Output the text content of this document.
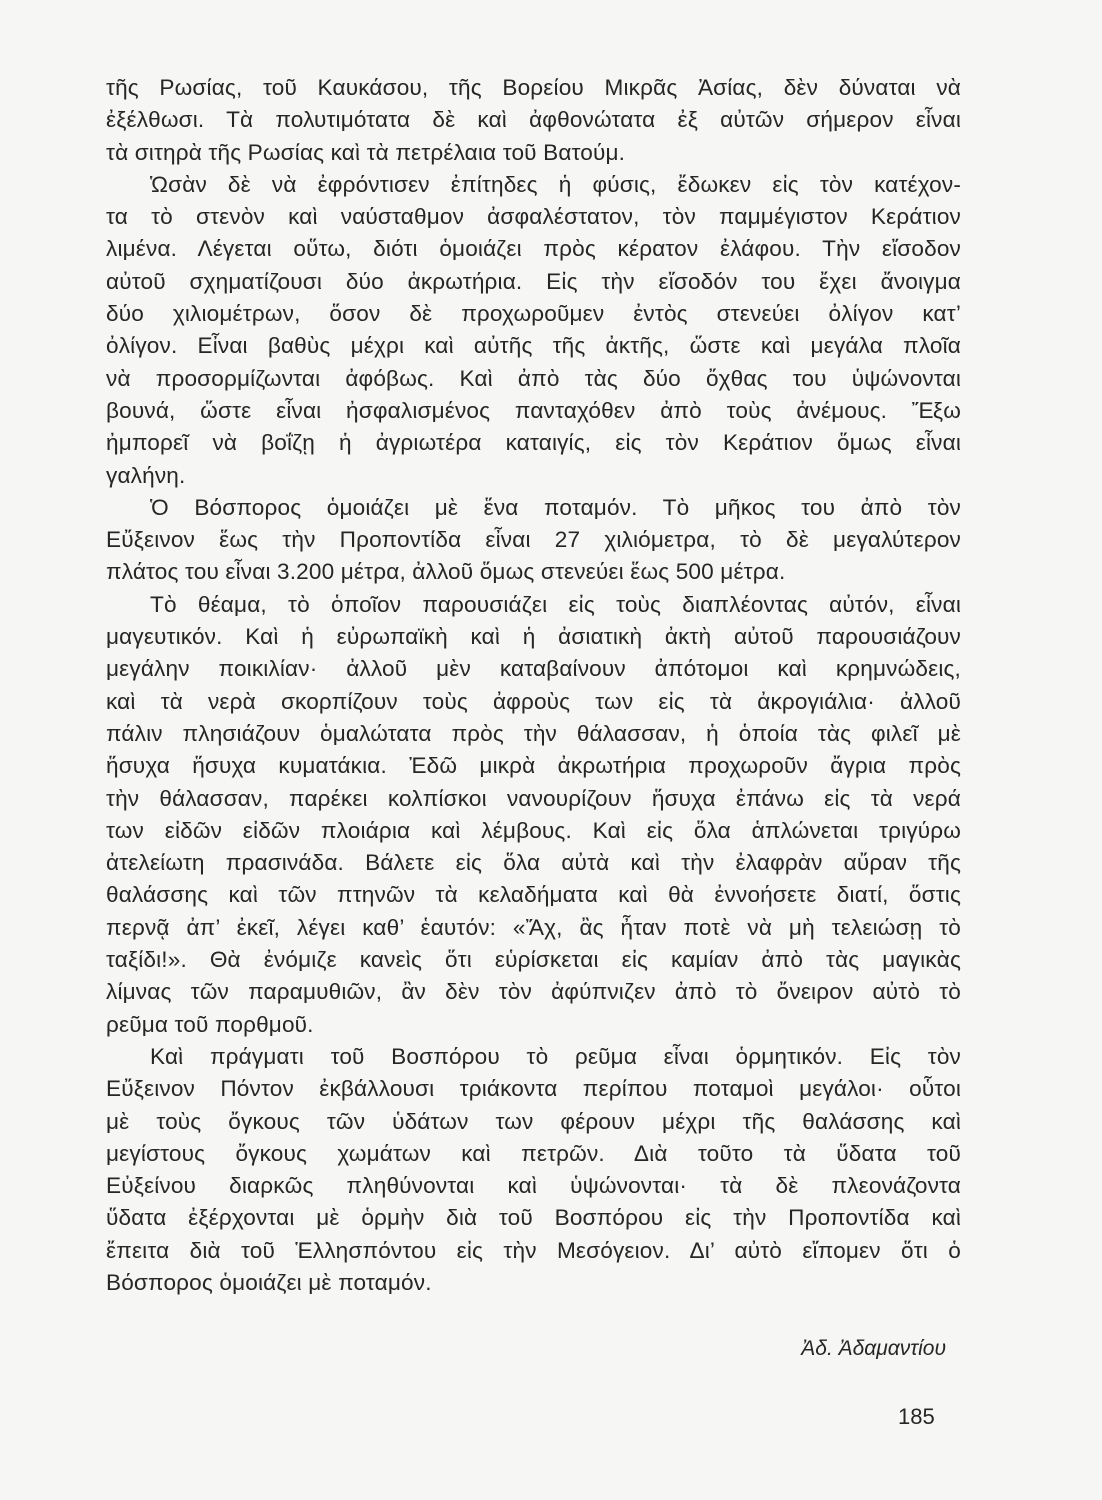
τῆς Ρωσίας, τοῦ Καυκάσου, τῆς Βορείου Μικρᾶς Ἀσίας, δὲν δύναται νὰ
ἐξέλθωσι. Τὰ πολυτιμότατα δὲ καὶ ἀφθονώτατα ἐξ αὐτῶν σήμερον εἶναι
τὰ σιτηρὰ τῆς Ρωσίας καὶ τὰ πετρέλαια τοῦ Βατούμ.
Ὡσὰν δὲ νὰ ἐφρόντισεν ἐπίτηδες ἡ φύσις, ἔδωκεν εἰς τὸν κατέχον-
τα τὸ στενὸν καὶ ναύσταθμον ἀσφαλέστατον, τὸν παμμέγιστον Κεράτιον
λιμένα. Λέγεται οὕτω, διότι ὁμοιάζει πρὸς κέρατον ἐλάφου. Τὴν εἴσοδον
αὐτοῦ σχηματίζουσι δύο ἀκρωτήρια. Εἰς τὴν εἴσοδόν του ἔχει ἄνοιγμα
δύο χιλιομέτρων, ὅσον δὲ προχωροῦμεν ἐντὸς στενεύει ὀλίγον κατ’
ὀλίγον. Εἶναι βαθὺς μέχρι καὶ αὐτῆς τῆς ἀκτῆς, ὥστε καὶ μεγάλα πλοῖα
νὰ προσορμίζωνται ἀφόβως. Καὶ ἀπὸ τὰς δύο ὄχθας του ὑψώνονται
βουνά, ὥστε εἶναι ἠσφαλισμένος πανταχόθεν ἀπὸ τοὺς ἀνέμους. Ἔξω
ἠμπορεῖ νὰ βοΐζῃ ἡ ἀγριωτέρα καταιγίς, εἰς τὸν Κεράτιον ὅμως εἶναι
γαλήνη.
Ὁ Βόσπορος ὁμοιάζει μὲ ἕνα ποταμόν. Τὸ μῆκος του ἀπὸ τὸν
Εὔξεινον ἕως τὴν Προποντίδα εἶναι 27 χιλιόμετρα, τὸ δὲ μεγαλύτερον
πλάτος του εἶναι 3.200 μέτρα, ἀλλοῦ ὅμως στενεύει ἕως 500 μέτρα.
Τὸ θέαμα, τὸ ὁποῖον παρουσιάζει εἰς τοὺς διαπλέοντας αὐτόν, εἶναι
μαγευτικόν. Καὶ ἡ εὐρωπαϊκὴ καὶ ἡ ἀσιατικὴ ἀκτὴ αὐτοῦ παρουσιάζουν
μεγάλην ποικιλίαν· ἀλλοῦ μὲν καταβαίνουν ἀπότομοι καὶ κρημνώδεις,
καὶ τὰ νερὰ σκορπίζουν τοὺς ἀφροὺς των εἰς τὰ ἀκρογιάλια· ἀλλοῦ
πάλιν πλησιάζουν ὁμαλώτατα πρὸς τὴν θάλασσαν, ἡ ὁποία τὰς φιλεῖ μὲ
ἥσυχα ἥσυχα κυματάκια. Ἐδῶ μικρὰ ἀκρωτήρια προχωροῦν ἄγρια πρὸς
τὴν θάλασσαν, παρέκει κολπίσκοι νανουρίζουν ἥσυχα ἐπάνω εἰς τὰ νερά
των εἰδῶν εἰδῶν πλοιάρια καὶ λέμβους. Καὶ εἰς ὅλα ἁπλώνεται τριγύρω
ἀτελείωτη πρασινάδα. Βάλετε εἰς ὅλα αὐτὰ καὶ τὴν ἐλαφρὰν αὔραν τῆς
θαλάσσης καὶ τῶν πτηνῶν τὰ κελαδήματα καὶ θὰ ἐννοήσετε διατί, ὅστις
περνᾷ ἀπ’ ἐκεῖ, λέγει καθ’ ἑαυτόν: «Ἄχ, ἂς ἦταν ποτὲ νὰ μὴ τελειώσῃ τὸ
ταξίδι!». Θὰ ἐνόμιζε κανεὶς ὅτι εὑρίσκεται εἰς καμίαν ἀπὸ τὰς μαγικὰς
λίμνας τῶν παραμυθιῶν, ἂν δὲν τὸν ἀφύπνιζεν ἀπὸ τὸ ὄνειρον αὐτὸ τὸ
ρεῦμα τοῦ πορθμοῦ.
Καὶ πράγματι τοῦ Βοσπόρου τὸ ρεῦμα εἶναι ὁρμητικόν. Εἰς τὸν
Εὔξεινον Πόντον ἐκβάλλουσι τριάκοντα περίπου ποταμοὶ μεγάλοι· οὗτοι
μὲ τοὺς ὄγκους τῶν ὑδάτων των φέρουν μέχρι τῆς θαλάσσης καὶ
μεγίστους ὄγκους χωμάτων καὶ πετρῶν. Διὰ τοῦτο τὰ ὕδατα τοῦ
Εὐξείνου διαρκῶς πληθύνονται καὶ ὑψώνονται· τὰ δὲ πλεονάζοντα
ὕδατα ἐξέρχονται μὲ ὁρμὴν διὰ τοῦ Βοσπόρου εἰς τὴν Προποντίδα καὶ
ἔπειτα διὰ τοῦ Ἑλλησπόντου εἰς τὴν Μεσόγειον. Δι’ αὐτὸ εἴπομεν ὅτι ὁ
Βόσπορος ὁμοιάζει μὲ ποταμόν.
Ἀδ. Ἀδαμαντίου
185
